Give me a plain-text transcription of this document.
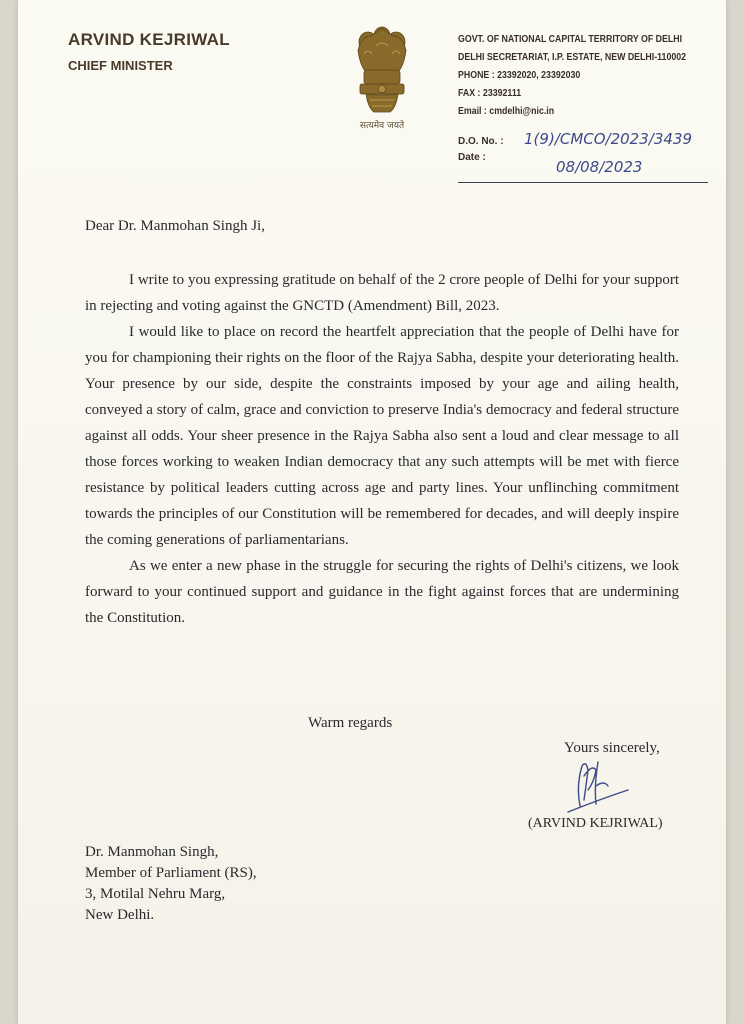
ARVIND KEJRIWAL
CHIEF MINISTER
सत्यमेव जयते
GOVT. OF NATIONAL CAPITAL TERRITORY OF DELHI
DELHI SECRETARIAT, I.P. ESTATE, NEW DELHI-110002
PHONE : 23392020, 23392030
FAX : 23392111
Email : cmdelhi@nic.in
D.O. No. : 1(9)/CMCO/2023/3439
Date :
08/08/2023
Dear Dr. Manmohan Singh Ji,

I write to you expressing gratitude on behalf of the 2 crore people of Delhi for your support in rejecting and voting against the GNCTD (Amendment) Bill, 2023.

I would like to place on record the heartfelt appreciation that the people of Delhi have for you for championing their rights on the floor of the Rajya Sabha, despite your deteriorating health. Your presence by our side, despite the constraints imposed by your age and ailing health, conveyed a story of calm, grace and conviction to preserve India's democracy and federal structure against all odds. Your sheer presence in the Rajya Sabha also sent a loud and clear message to all those forces working to weaken Indian democracy that any such attempts will be met with fierce resistance by political leaders cutting across age and party lines. Your unflinching commitment towards the principles of our Constitution will be remembered for decades, and will deeply inspire the coming generations of parliamentarians.

As we enter a new phase in the struggle for securing the rights of Delhi's citizens, we look forward to your continued support and guidance in the fight against forces that are undermining the Constitution.

Warm regards
Yours sincerely,
(ARVIND KEJRIWAL)
Dr. Manmohan Singh,
Member of Parliament (RS),
3, Motilal Nehru Marg,
New Delhi.
